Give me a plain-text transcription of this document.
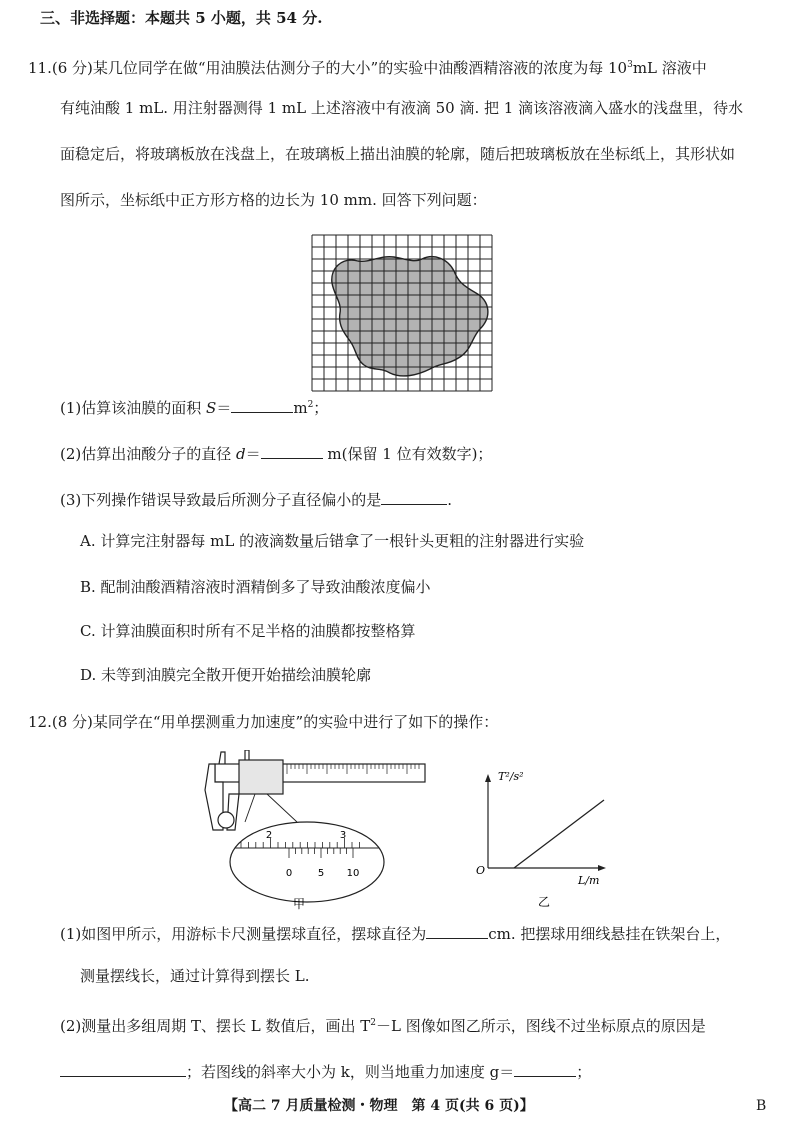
三、非选择题：本题共 5 小题，共 54 分.
11.(6 分)某几位同学在做“用油膜法估测分子的大小”的实验中油酸酒精溶液的浓度为每 $10^3mL$ 溶液中
有纯油酸 1 mL. 用注射器测得 1 mL 上述溶液中有液滴 50 滴. 把 1 滴该溶液滴入盛水的浅盘里，待水
面稳定后，将玻璃板放在浅盘上，在玻璃板上描出油膜的轮廓，随后把玻璃板放在坐标纸上，其形状如
图所示，坐标纸中正方形方格的边长为 10 mm. 回答下列问题：
(1)估算该油膜的面积 S＝	$m^2$；
(2)估算出油酸分子的直径 d＝	m(保留 1 位有效数字)；
(3)下列操作错误导致最后所测分子直径偏小的是	.
A. 计算完注射器每 mL 的液滴数量后错拿了一根针头更粗的注射器进行实验
B. 配制油酸酒精溶液时酒精倒多了导致油酸浓度偏小
C. 计算油膜面积时所有不足半格的油膜都按整格算
D. 未等到油膜完全散开便开始描绘油膜轮廓
12.(8 分)某同学在“用单摆测重力加速度”的实验中进行了如下的操作：
2	3
0	5 10
甲
T²/s²
L/m
O
乙
(1)如图甲所示，用游标卡尺测量摆球直径，摆球直径为	cm. 把摆球用细线悬挂在铁架台上，
测量摆线长，通过计算得到摆长 L.
(2)测量出多组周期 T、摆长 L 数值后，画出 $T^2-L$ 图像如图乙所示，图线不过坐标原点的原因是
；若图线的斜率大小为 k，则当地重力加速度 g＝	；
【高二 7 月质量检测・物理　第 4 页(共 6 页)】	B
